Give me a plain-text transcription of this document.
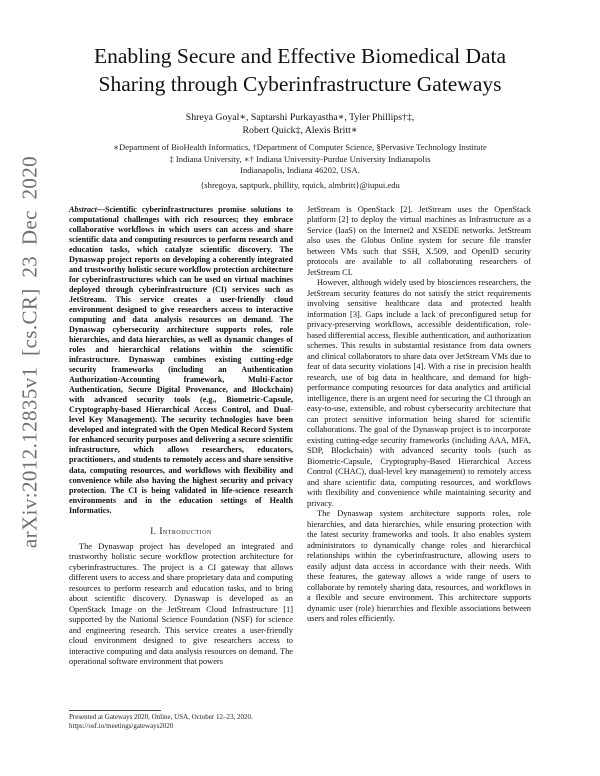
arXiv:2012.12835v1 [cs.CR] 23 Dec 2020
Enabling Secure and Effective Biomedical Data
Sharing through Cyberinfrastructure Gateways
Shreya Goyal∗, Saptarshi Purkayastha∗, Tyler Phillips†‡,
Robert Quick‡, Alexis Britt∗
∗Department of BioHealth Informatics, †Department of Computer Science, §Pervasive Technology Institute
‡ Indiana University, ∗† Indiana University-Purdue University Indianapolis
Indianapolis, Indiana 46202, USA.
{shregoya, saptpurk, phillity, rquick, almbritt}@iupui.edu

Abstract—Scientific cyberinfrastructures promise solutions to computational challenges with rich resources; they embrace collaborative workflows in which users can access and share scientific data and computing resources to perform research and education tasks, which catalyze scientific discovery. The Dynaswap project reports on developing a coherently integrated and trustworthy holistic secure workflow protection architecture for cyberinfrastructures which can be used on virtual machines deployed through cyberinfrastructure (CI) services such as JetStream. This service creates a user-friendly cloud environment designed to give researchers access to interactive computing and data analysis resources on demand. The Dynaswap cybersecurity architecture supports roles, role hierarchies, and data hierarchies, as well as dynamic changes of roles and hierarchical relations within the scientific infrastructure. Dynaswap combines existing cutting-edge security frameworks (including an Authentication Authorization-Accounting framework, Multi-Factor Authentication, Secure Digital Provenance, and Blockchain) with advanced security tools (e.g., Biometric-Capsule, Cryptography-based Hierarchical Access Control, and Dual-level Key Management). The security technologies have been developed and integrated with the Open Medical Record System for enhanced security purposes and delivering a secure scientific infrastructure, which allows researchers, educators, practitioners, and students to remotely access and share sensitive data, computing resources, and workflows with flexibility and convenience while also having the highest security and privacy protection. The CI is being validated in life-science research environments and in the education settings of Health Informatics.

I. Introduction

The Dynaswap project has developed an integrated and trustworthy holistic secure workflow protection architecture for cyberinfrastructures. The project is a CI gateway that allows different users to access and share proprietary data and computing resources to perform research and education tasks, and to bring about scientific discovery. Dynaswap is developed as an OpenStack Image on the JetStream Cloud Infrastructure [1] supported by the National Science Foundation (NSF) for science and engineering research. This service creates a user-friendly cloud environment designed to give researchers access to interactive computing and data analysis resources on demand. The operational software environment that powers

Presented at Gateways 2020, Online, USA, October 12–23, 2020.
https://osf.io/meetings/gateways2020

JetStream is OpenStack [2]. JetStream uses the OpenStack platform [2] to deploy the virtual machines as Infrastructure as a Service (IaaS) on the Internet2 and XSEDE networks. JetStream also uses the Globus Online system for secure file transfer between VMs such that SSH, X.509, and OpenID security protocols are available to all collaborating researchers of JetStream CI.

However, although widely used by biosciences researchers, the JetStream security features do not satisfy the strict requirements involving sensitive healthcare data and protected health information [3]. Gaps include a lack of preconfigured setup for privacy-preserving workflows, accessible deidentification, role-based differential access, flexible authentication, and authorization schemes. This results in substantial resistance from data owners and clinical collaborators to share data over JetStream VMs due to fear of data security violations [4]. With a rise in precision health research, use of big data in healthcare, and demand for high-performance computing resources for data analytics and artificial intelligence, there is an urgent need for securing the CI through an easy-to-use, extensible, and robust cybersecurity architecture that can protect sensitive information being shared for scientific collaborations. The goal of the Dynaswap project is to incorporate existing cutting-edge security frameworks (including AAA, MFA, SDP, Blockchain) with advanced security tools (such as Biometric-Capsule, Cryptography-Based Hierarchical Access Control (CHAC), dual-level key management) to remotely access and share scientific data, computing resources, and workflows with flexibility and convenience while maintaining security and privacy.

The Dynaswap system architecture supports roles, role hierarchies, and data hierarchies, while ensuring protection with the latest security frameworks and tools. It also enables system administrators to dynamically change roles and hierarchical relationships within the cyberinfrastructure, allowing users to easily adjust data access in accordance with their needs. With these features, the gateway allows a wide range of users to collaborate by remotely sharing data, resources, and workflows in a flexible and secure environment. This architecture supports dynamic user (role) hierarchies and flexible associations between users and roles efficiently.
